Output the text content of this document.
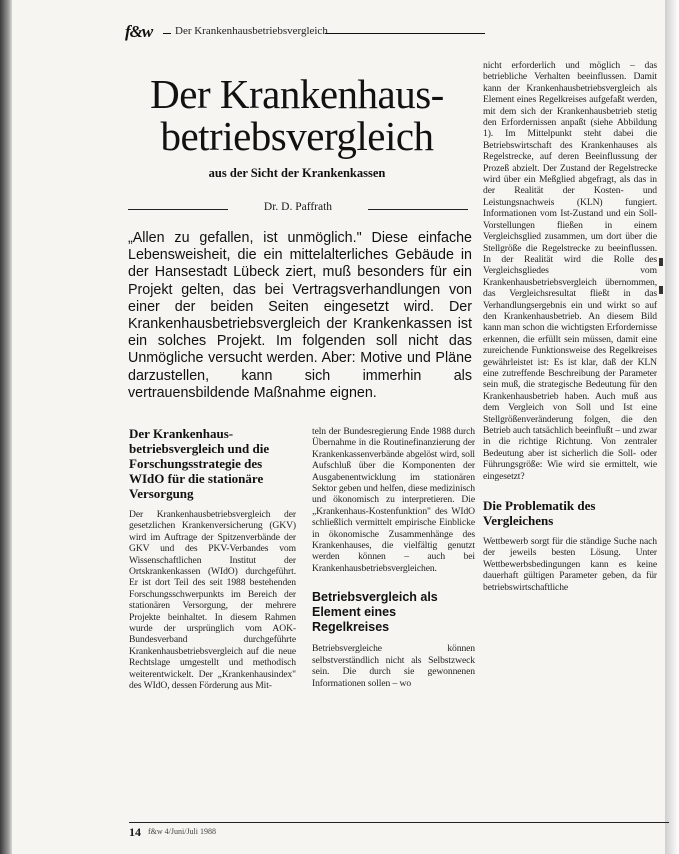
f&w Der Krankenhausbetriebsvergleich
Der Krankenhaus-
betriebsvergleich
aus der Sicht der Krankenkassen
Dr. D. Paffrath
„Allen zu gefallen, ist unmöglich." Diese einfache Lebensweisheit, die ein mittelalterliches Gebäude in der Hansestadt Lübeck ziert, muß besonders für ein Projekt gelten, das bei Vertragsverhandlungen von einer der beiden Seiten eingesetzt wird. Der Krankenhausbetriebsvergleich der Krankenkassen ist ein solches Projekt. Im folgenden soll nicht das Unmögliche versucht werden. Aber: Motive und Pläne darzustellen, kann sich immerhin als vertrauensbildende Maßnahme eignen.
Der Krankenhaus-betriebsvergleich und die Forschungsstrategie des WIdO für die stationäre Versorgung
Der Krankenhausbetriebsvergleich der gesetzlichen Krankenversicherung (GKV) wird im Auftrage der Spitzenverbände der GKV und des PKV-Verbandes vom Wissenschaftlichen Institut der Ortskrankenkassen (WIdO) durchgeführt. Er ist dort Teil des seit 1988 bestehenden Forschungsschwerpunkts im Bereich der stationären Versorgung, der mehrere Projekte beinhaltet. In diesem Rahmen wurde der ursprünglich vom AOK-Bundesverband durchgeführte Krankenhausbetriebsvergleich auf die neue Rechtslage umgestellt und methodisch weiterentwickelt. Der „Krankenhausindex" des WIdO, dessen Förderung aus Mit-
teln der Bundesregierung Ende 1988 durch Übernahme in die Routinefinanzierung der Krankenkassenverbände abgelöst wird, soll Aufschluß über die Komponenten der Ausgabenentwicklung im stationären Sektor geben und helfen, diese medizinisch und ökonomisch zu interpretieren. Die „Krankenhaus-Kostenfunktion" des WIdO schließlich vermittelt empirische Einblicke in ökonomische Zusammenhänge des Krankenhauses, die vielfältig genutzt werden können – auch bei Krankenhausbetriebsvergleichen.
Betriebsvergleich als Element eines Regelkreises
Betriebsvergleiche können selbstverständlich nicht als Selbstzweck sein. Die durch sie gewonnenen Informationen sollen – wo
nicht erforderlich und möglich – das betriebliche Verhalten beeinflussen. Damit kann der Krankenhausbetriebsvergleich als Element eines Regelkreises aufgefaßt werden, mit dem sich der Krankenhausbetrieb stetig den Erfordernissen anpaßt (siehe Abbildung 1). Im Mittelpunkt steht dabei die Betriebswirtschaft des Krankenhauses als Regelstrecke, auf deren Beeinflussung der Prozeß abzielt. Der Zustand der Regelstrecke wird über ein Meßglied abgefragt, als das in der Realität der Kosten- und Leistungsnachweis (KLN) fungiert. Informationen vom Ist-Zustand und ein Soll-Vorstellungen fließen in einem Vergleichsglied zusammen, um dort über die Stellgröße die Regelstrecke zu beeinflussen. In der Realität wird die Rolle des Vergleichsgliedes vom Krankenhausbetriebsvergleich übernommen, das Vergleichsresultat fließt in das Verhandlungsergebnis ein und wirkt so auf den Krankenhausbetrieb. An diesem Bild kann man schon die wichtigsten Erfordernisse erkennen, die erfüllt sein müssen, damit eine zureichende Funktionsweise des Regelkreises gewährleistet ist: Es ist klar, daß der KLN eine zutreffende Beschreibung der Parameter sein muß, die strategische Bedeutung für den Krankenhausbetrieb haben. Auch muß aus dem Vergleich von Soll und Ist eine Stellgrößenveränderung folgen, die den Betrieb auch tatsächlich beeinflußt – und zwar in die richtige Richtung. Von zentraler Bedeutung aber ist sicherlich die Soll- oder Führungsgröße: Wie wird sie ermittelt, wie eingesetzt?
Die Problematik des Vergleichens
Wettbewerb sorgt für die ständige Suche nach der jeweils besten Lösung. Unter Wettbewerbsbedingungen kann es keine dauerhaft gültigen Parameter geben, da für betriebswirtschaftliche
14 f&w 4/Juni/Juli 1988
